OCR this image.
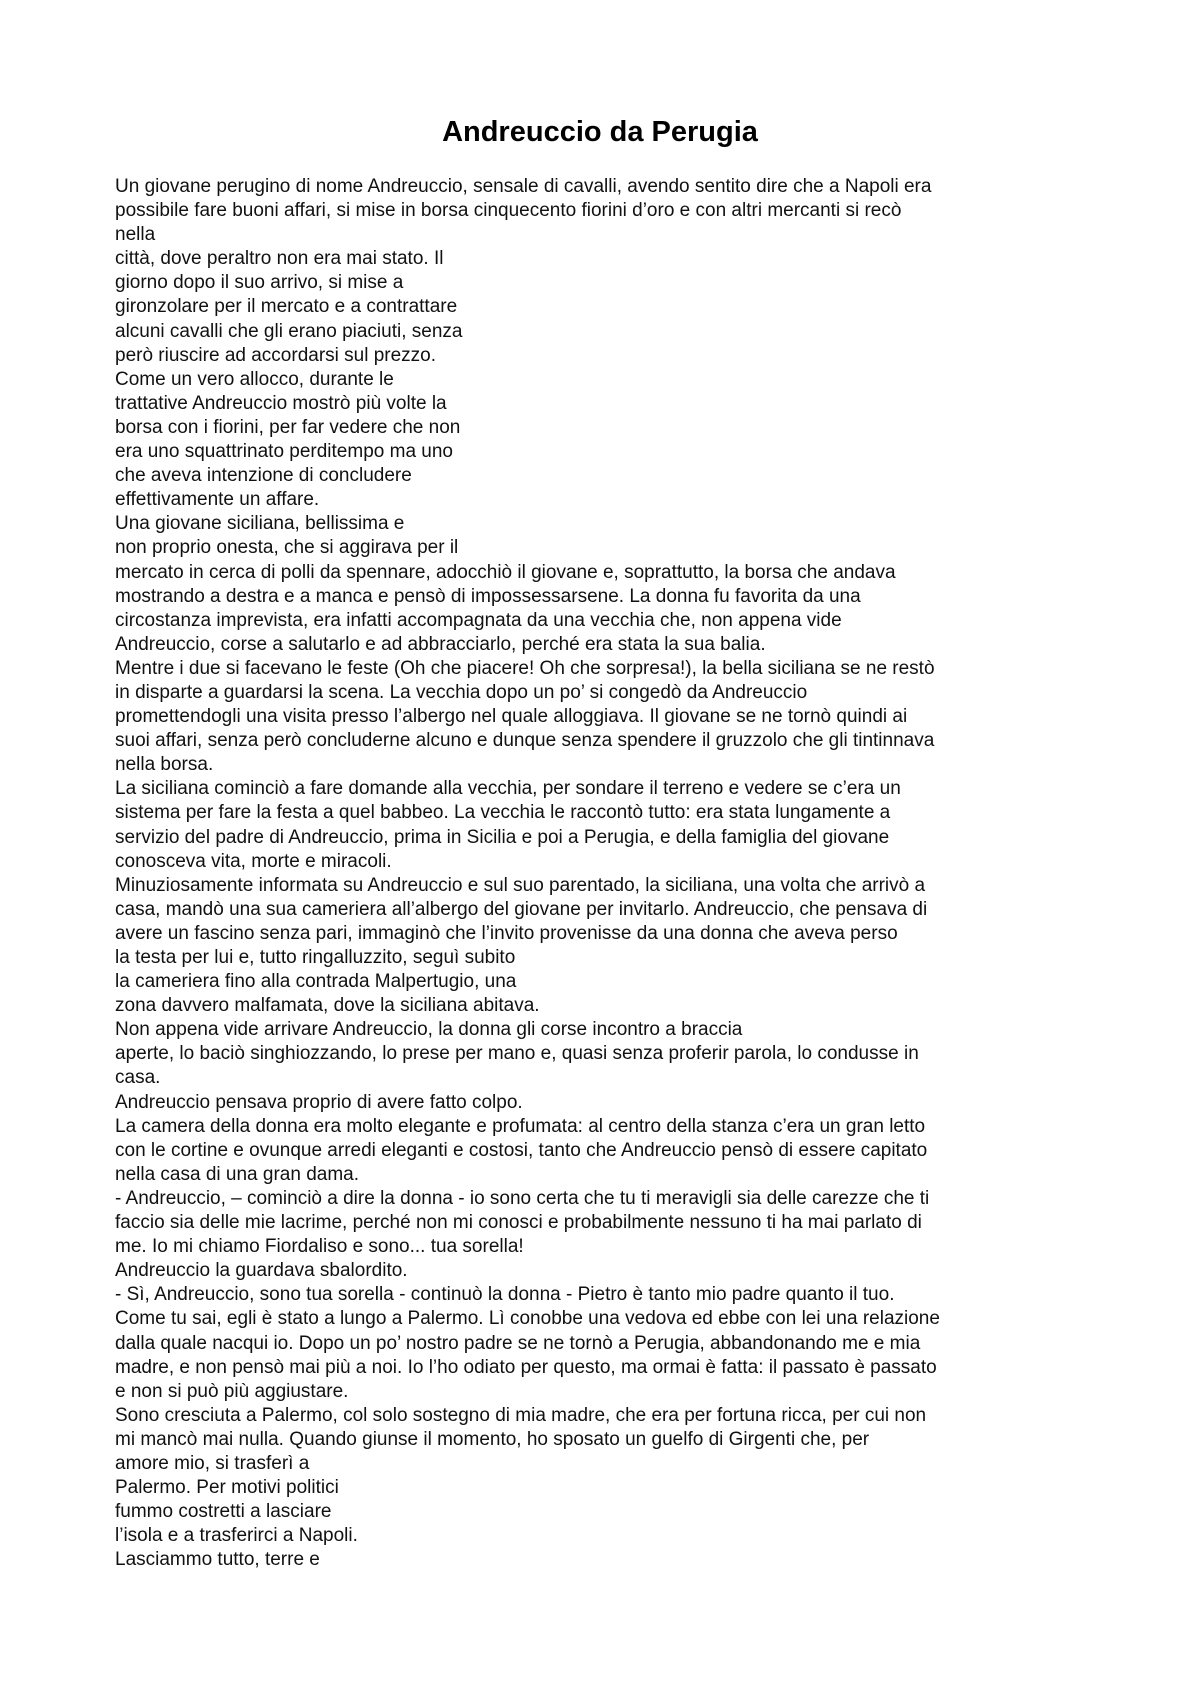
Andreuccio da Perugia
Un giovane perugino di nome Andreuccio, sensale di cavalli, avendo sentito dire che a Napoli era
possibile fare buoni affari, si mise in borsa cinquecento fiorini d’oro e con altri mercanti si recò
nella
città, dove peraltro non era mai stato. Il
giorno dopo il suo arrivo, si mise a
gironzolare per il mercato e a contrattare
alcuni cavalli che gli erano piaciuti, senza
però riuscire ad accordarsi sul prezzo.
Come un vero allocco, durante le
trattative Andreuccio mostrò più volte la
borsa con i fiorini, per far vedere che non
era uno squattrinato perditempo ma uno
che aveva intenzione di concludere
effettivamente un affare.
Una giovane siciliana, bellissima e
non proprio onesta, che si aggirava per il
mercato in cerca di polli da spennare, adocchiò il giovane e, soprattutto, la borsa che andava
mostrando a destra e a manca e pensò di impossessarsene. La donna fu favorita da una
circostanza imprevista, era infatti accompagnata da una vecchia che, non appena vide
Andreuccio, corse a salutarlo e ad abbracciarlo, perché era stata la sua balia.
Mentre i due si facevano le feste (Oh che piacere! Oh che sorpresa!), la bella siciliana se ne restò
in disparte a guardarsi la scena. La vecchia dopo un po’ si congedò da Andreuccio
promettendogli una visita presso l’albergo nel quale alloggiava. Il giovane se ne tornò quindi ai
suoi affari, senza però concluderne alcuno e dunque senza spendere il gruzzolo che gli tintinnava
nella borsa.
La siciliana cominciò a fare domande alla vecchia, per sondare il terreno e vedere se c’era un
sistema per fare la festa a quel babbeo. La vecchia le raccontò tutto: era stata lungamente a
servizio del padre di Andreuccio, prima in Sicilia e poi a Perugia, e della famiglia del giovane
conosceva vita, morte e miracoli.
Minuziosamente informata su Andreuccio e sul suo parentado, la siciliana, una volta che arrivò a
casa, mandò una sua cameriera all’albergo del giovane per invitarlo. Andreuccio, che pensava di
avere un fascino senza pari, immaginò che l’invito provenisse da una donna che aveva perso
la testa per lui e, tutto ringalluzzito, seguì subito
la cameriera fino alla contrada Malpertugio, una
zona davvero malfamata, dove la siciliana abitava.
Non appena vide arrivare Andreuccio, la donna gli corse incontro a braccia
aperte, lo baciò singhiozzando, lo prese per mano e, quasi senza proferir parola, lo condusse in
casa.
Andreuccio pensava proprio di avere fatto colpo.
La camera della donna era molto elegante e profumata: al centro della stanza c’era un gran letto
con le cortine e ovunque arredi eleganti e costosi, tanto che Andreuccio pensò di essere capitato
nella casa di una gran dama.
- Andreuccio, – cominciò a dire la donna - io sono certa che tu ti meravigli sia delle carezze che ti
faccio sia delle mie lacrime, perché non mi conosci e probabilmente nessuno ti ha mai parlato di
me. Io mi chiamo Fiordaliso e sono... tua sorella!
Andreuccio la guardava sbalordito.
- Sì, Andreuccio, sono tua sorella - continuò la donna - Pietro è tanto mio padre quanto il tuo.
Come tu sai, egli è stato a lungo a Palermo. Lì conobbe una vedova ed ebbe con lei una relazione
dalla quale nacqui io. Dopo un po’ nostro padre se ne tornò a Perugia, abbandonando me e mia
madre, e non pensò mai più a noi. Io l’ho odiato per questo, ma ormai è fatta: il passato è passato
e non si può più aggiustare.
Sono cresciuta a Palermo, col solo sostegno di mia madre, che era per fortuna ricca, per cui non
mi mancò mai nulla. Quando giunse il momento, ho sposato un guelfo di Girgenti che, per
amore mio, si trasferì a
Palermo. Per motivi politici
fummo costretti a lasciare
l’isola e a trasferirci a Napoli.
Lasciammo tutto, terre e
